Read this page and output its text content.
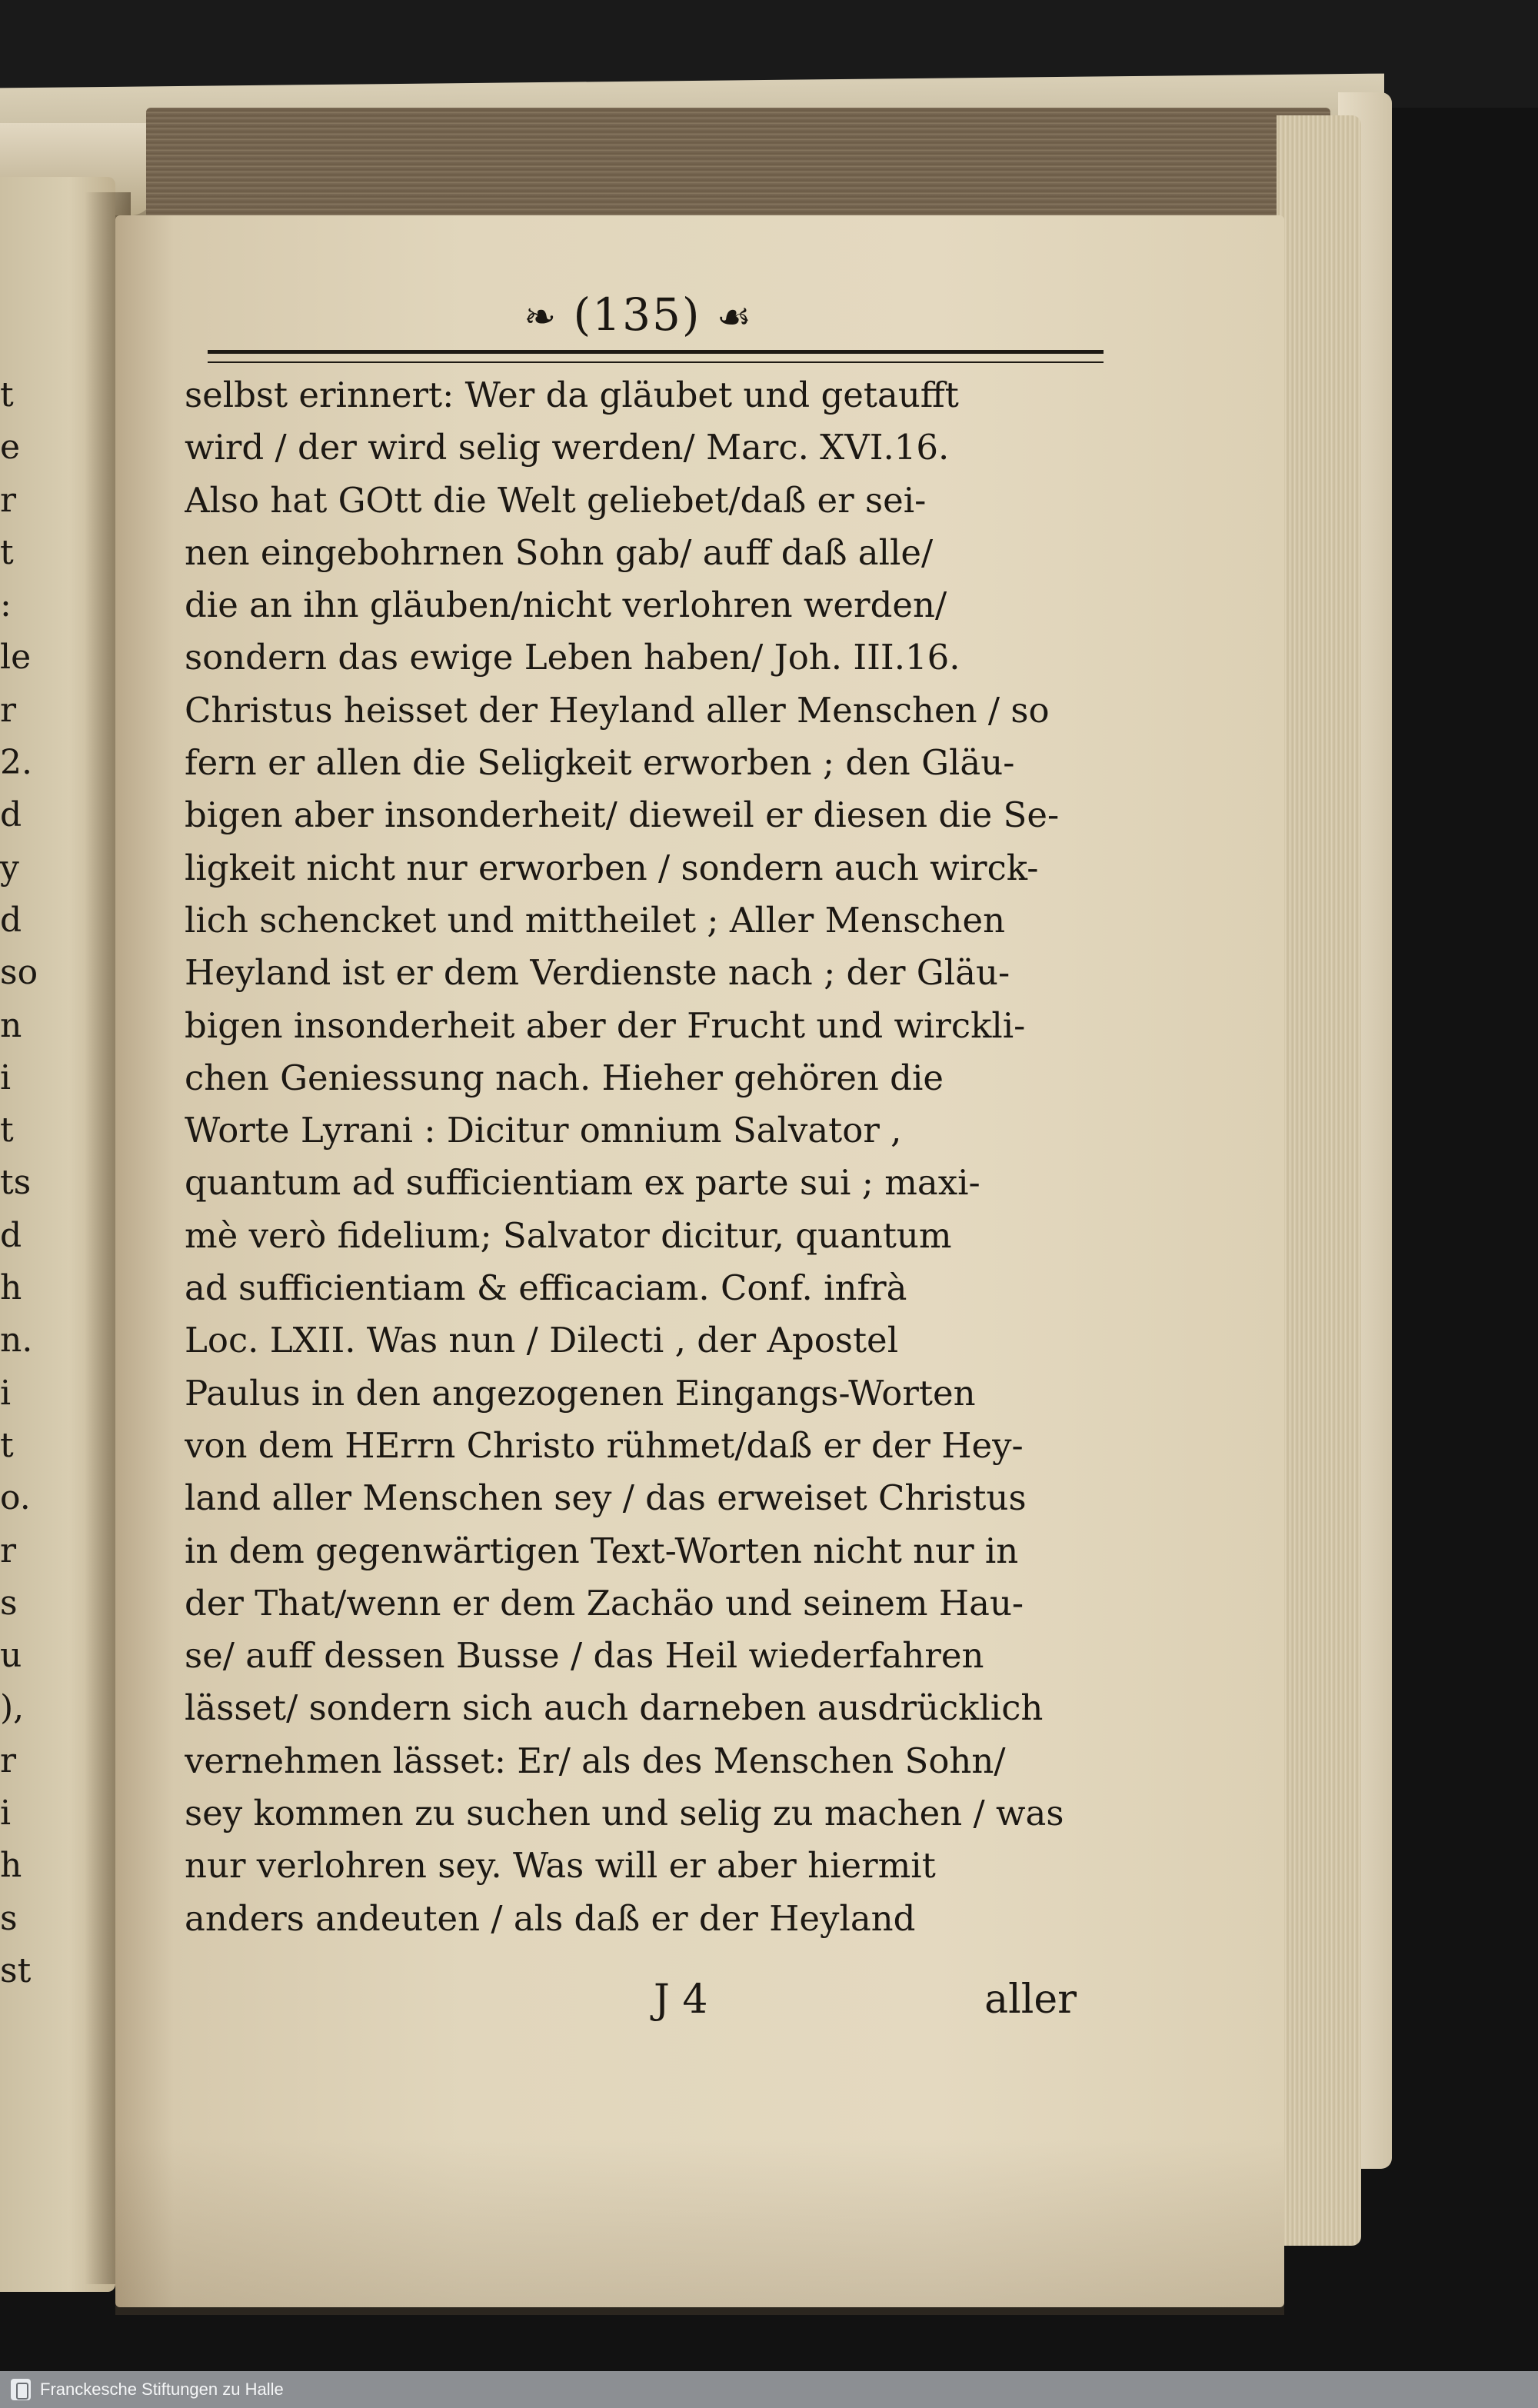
t
e
r
t
:
le
r
2.
d
y
d
so
n
i
t
ts
d
h
n.
i
t
o.
r
s
u
),
r
i
h
s
st
❧ (135) ☙
selbst erinnert: Wer da gläubet und getaufft
wird / der wird selig werden/ Marc. XVI.16.
Also hat GOtt die Welt geliebet/daß er sei-
nen eingebohrnen Sohn gab/ auff daß alle/
die an ihn gläuben/nicht verlohren werden/
sondern das ewige Leben haben/ Joh. III.16.
Christus heisset der Heyland aller Menschen / so
fern er allen die Seligkeit erworben ; den Gläu-
bigen aber insonderheit/ dieweil er diesen die Se-
ligkeit nicht nur erworben / sondern auch wirck-
lich schencket und mittheilet ; Aller Menschen
Heyland ist er dem Verdienste nach ; der Gläu-
bigen insonderheit aber der Frucht und wirckli-
chen Geniessung nach. Hieher gehören die
Worte Lyrani : Dicitur omnium Salvator ,
quantum ad sufficientiam ex parte sui ; maxi-
mè verò fidelium; Salvator dicitur, quantum
ad sufficientiam & efficaciam. Conf. infrà
Loc. LXII. Was nun / Dilecti , der Apostel
Paulus in den angezogenen Eingangs-Worten
von dem HErrn Christo rühmet/daß er der Hey-
land aller Menschen sey / das erweiset Christus
in dem gegenwärtigen Text-Worten nicht nur in
der That/wenn er dem Zachäo und seinem Hau-
se/ auff dessen Busse / das Heil wiederfahren
lässet/ sondern sich auch darneben ausdrücklich
vernehmen lässet: Er/ als des Menschen Sohn/
sey kommen zu suchen und selig zu machen / was
nur verlohren sey. Was will er aber hiermit
anders andeuten / als daß er der Heyland
J 4	aller
Franckesche Stiftungen zu Halle
